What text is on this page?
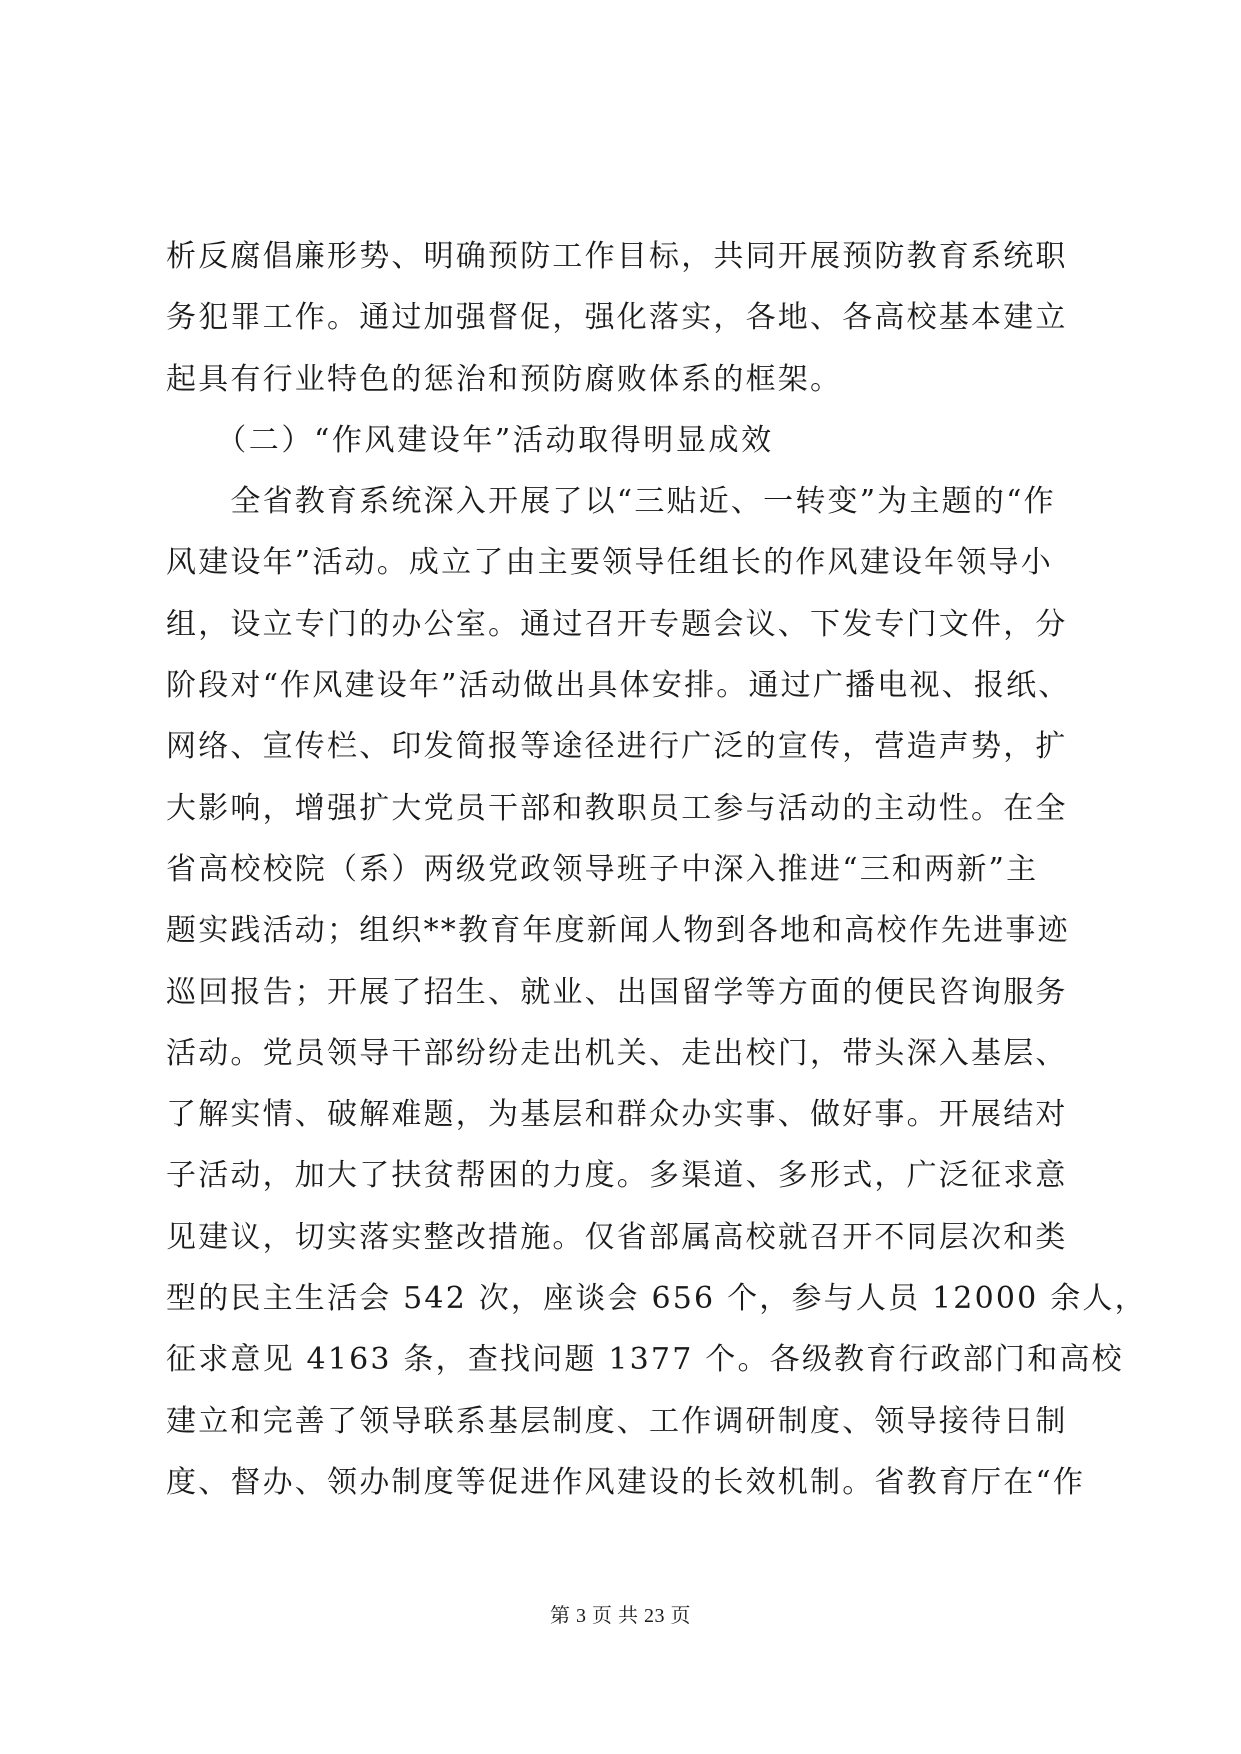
析反腐倡廉形势、明确预防工作目标，共同开展预防教育系统职
务犯罪工作。通过加强督促，强化落实，各地、各高校基本建立
起具有行业特色的惩治和预防腐败体系的框架。
　　（二）“作风建设年”活动取得明显成效
　　全省教育系统深入开展了以“三贴近、一转变”为主题的“作
风建设年”活动。成立了由主要领导任组长的作风建设年领导小
组，设立专门的办公室。通过召开专题会议、下发专门文件，分
阶段对“作风建设年”活动做出具体安排。通过广播电视、报纸、
网络、宣传栏、印发简报等途径进行广泛的宣传，营造声势，扩
大影响，增强扩大党员干部和教职员工参与活动的主动性。在全
省高校校院（系）两级党政领导班子中深入推进“三和两新”主
题实践活动；组织**教育年度新闻人物到各地和高校作先进事迹
巡回报告；开展了招生、就业、出国留学等方面的便民咨询服务
活动。党员领导干部纷纷走出机关、走出校门，带头深入基层、
了解实情、破解难题，为基层和群众办实事、做好事。开展结对
子活动，加大了扶贫帮困的力度。多渠道、多形式，广泛征求意
见建议，切实落实整改措施。仅省部属高校就召开不同层次和类
型的民主生活会 542 次，座谈会 656 个，参与人员 12000 余人，
征求意见 4163 条，查找问题 1377 个。各级教育行政部门和高校
建立和完善了领导联系基层制度、工作调研制度、领导接待日制
度、督办、领办制度等促进作风建设的长效机制。省教育厅在“作
第 3 页 共 23 页
